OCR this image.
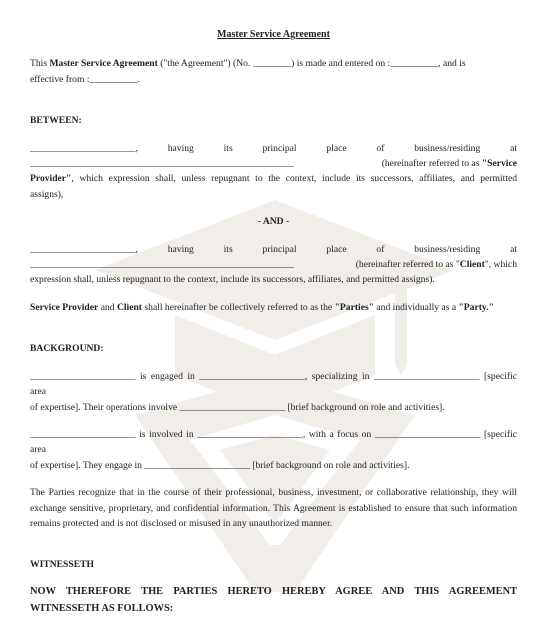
Master Service Agreement

This Master Service Agreement ("the Agreement") (No. ________) is made and entered on :__________, and is

effective from :__________.

BETWEEN:

______________________,	having	its	principal	place	of	business/residing	at
_______________________________________________________	(hereinafter referred to as "Service

Provider", which expression shall, unless repugnant to the context, include its successors, affiliates, and permitted

assigns),

- AND -

______________________,	having	its	principal	place	of	business/residing	at
_______________________________________________________	(hereinafter referred to as "Client", which

expression shall, unless repugnant to the context, include its successors, affiliates, and permitted assigns).

Service Provider and Client shall hereinafter be collectively referred to as the "Parties" and individually as a "Party."

BACKGROUND:

______________________ is engaged in ______________________, specializing in ______________________ [specific area

of expertise]. Their operations involve ______________________ [brief background on role and activities].

______________________ is involved in ______________________, with a focus on ______________________ [specific area

of expertise]. They engage in ______________________ [brief background on role and activities].

The Parties recognize that in the course of their professional, business, investment, or collaborative relationship, they will exchange sensitive, proprietary, and confidential information. This Agreement is established to ensure that such information remains protected and is not disclosed or misused in any unauthorized manner.

WITNESSETH

NOW THEREFORE THE PARTIES HERETO HEREBY AGREE AND THIS AGREEMENT WITNESSETH AS FOLLOWS:
